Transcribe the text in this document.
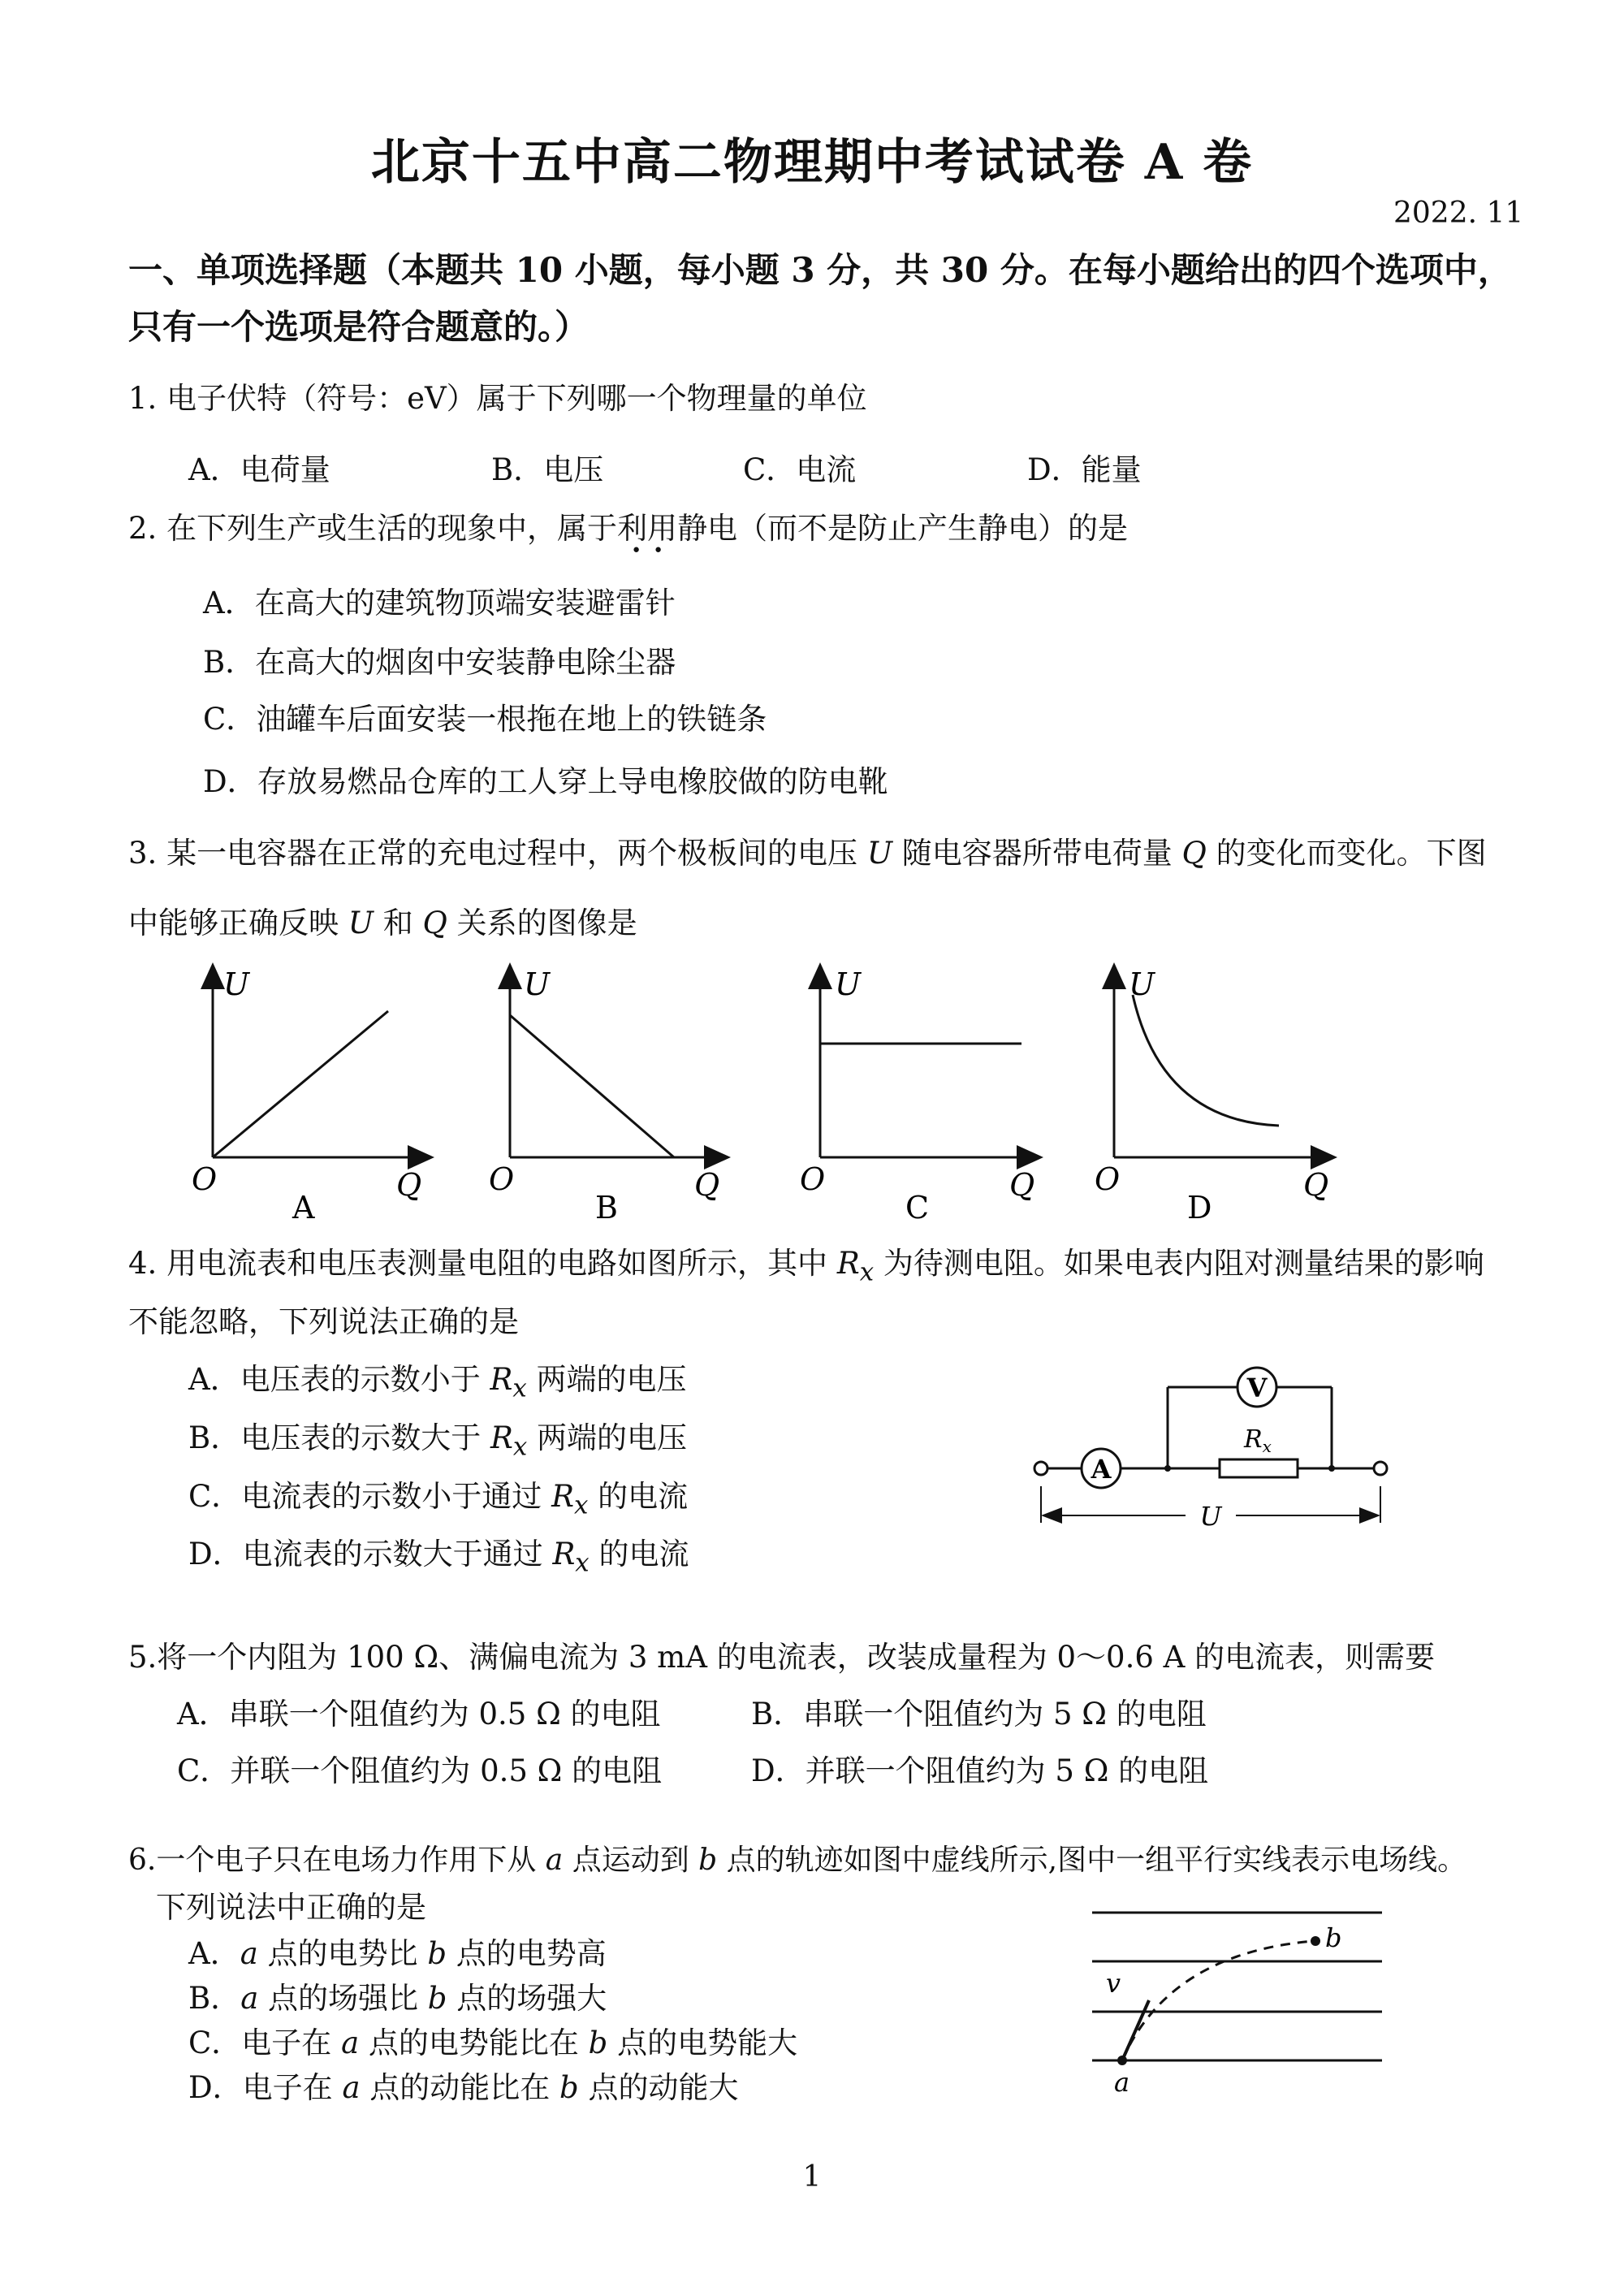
北京十五中高二物理期中考试试卷 A 卷
2022. 11
一、单项选择题（本题共 10 小题，每小题 3 分，共 30 分。在每小题给出的四个选项中，
只有一个选项是符合题意的。）
1. 电子伏特（符号：eV）属于下列哪一个物理量的单位
A．电荷量	B．电压	C．电流	D．能量
2. 在下列生产或生活的现象中，属于利用
• •
静电（而不是防止产生静电）的是
A．在高大的建筑物顶端安装避雷针
B．在高大的烟囱中安装静电除尘器
C．油罐车后面安装一根拖在地上的铁链条
D．存放易燃品仓库的工人穿上导电橡胶做的防电靴
3. 某一电容器在正常的充电过程中，两个极板间的电压 U 随电容器所带电荷量 Q 的变化而变化。下图
中能够正确反映 U 和 Q 关系的图像是
U
O	Q
A
U
O	Q
B
U
O	Q
C
U
O	Q
D
4. 用电流表和电压表测量电阻的电路如图所示，其中 $R_x$ 为待测电阻。如果电表内阻对测量结果的影响
不能忽略，下列说法正确的是
A．电压表的示数小于 $R_x$ 两端的电压
B．电压表的示数大于 $R_x$ 两端的电压
C．电流表的示数小于通过 $R_x$ 的电流
D．电流表的示数大于通过 $R_x$ 的电流
A
$R_x$
V
U
5.将一个内阻为 100 Ω、满偏电流为 3 mA 的电流表，改装成量程为 0～0.6 A 的电流表，则需要
A．串联一个阻值约为 0.5 Ω 的电阻	B．串联一个阻值约为 5 Ω 的电阻
C．并联一个阻值约为 0.5 Ω 的电阻	D．并联一个阻值约为 5 Ω 的电阻
6.一个电子只在电场力作用下从 a 点运动到 b 点的轨迹如图中虚线所示,图中一组平行实线表示电场线。
下列说法中正确的是
A．a 点的电势比 b 点的电势高
B．a 点的场强比 b 点的场强大
C．电子在 a 点的电势能比在 b 点的电势能大
D．电子在 a 点的动能比在 b 点的动能大	a
b
v
1
